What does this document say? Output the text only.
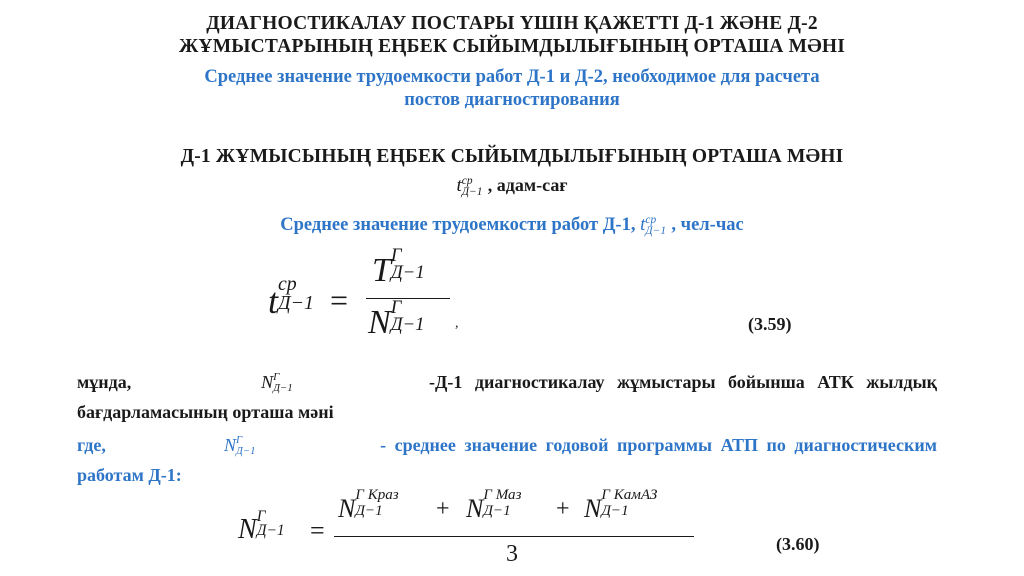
ДИАГНОСТИКАЛАУ ПОСТАРЫ ҮШІН ҚАЖЕТТІ Д-1 ЖӘНЕ Д-2
ЖҰМЫСТАРЫНЫҢ ЕҢБЕК СЫЙЫМДЫЛЫҒЫНЫҢ ОРТАША МӘНІ
Среднее значение трудоемкости работ Д-1 и Д-2, необходимое для расчета
постов диагностирования
Д-1 ЖҰМЫСЫНЫҢ ЕҢБЕК СЫЙЫМДЫЛЫҒЫНЫҢ ОРТАША МӘНІ
t ср
Д−1 , адам-сағ
Среднее значение трудоемкости работ Д-1, t ср
Д−1 , чел-час
t ср
Д−1 =
T Г
Д−1
N Г
Д−1 ,	(3.59)
мұнда,	N Г
Д−1	-Д-1 диагностикалау жұмыстары бойынша АТК жылдық
бағдарламасының орташа мәні
где,	N Г
Д−1	- среднее значение годовой программы АТП по диагностическим
работам Д-1:
N Г
Д−1 =
N Г Краз
Д−1 + N Г Маз
Д−1 + N Г КамАЗ
Д−1
3	(3.60)
